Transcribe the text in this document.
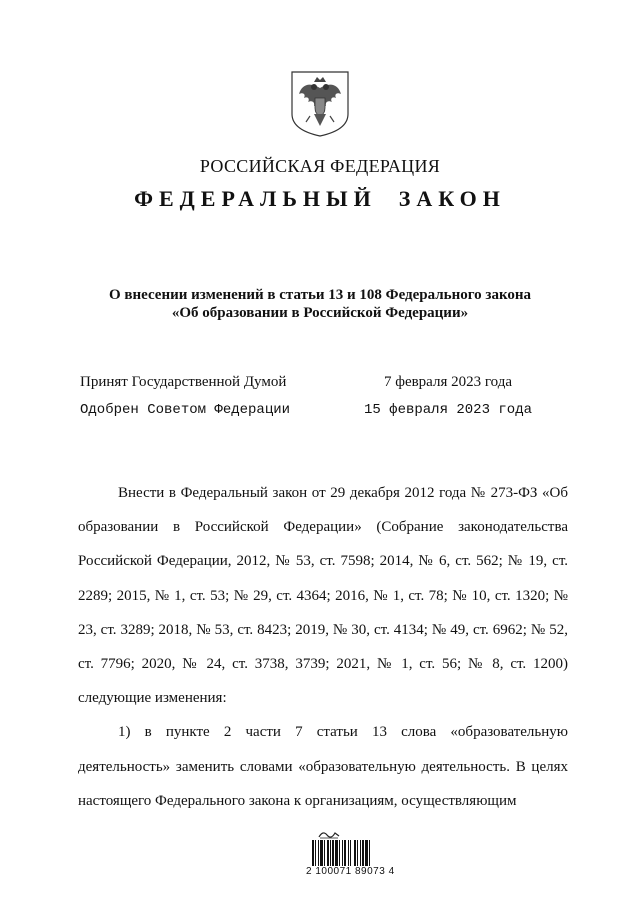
РОССИЙСКАЯ ФЕДЕРАЦИЯ
ФЕДЕРАЛЬНЫЙ ЗАКОН
О внесении изменений в статьи 13 и 108 Федерального закона
«Об образовании в Российской Федерации»
Принят Государственной Думой	7 февраля 2023 года
Одобрен Советом Федерации	15 февраля 2023 года

Внести в Федеральный закон от 29 декабря 2012 года № 273-ФЗ «Об образовании в Российской Федерации» (Собрание законодательства Российской Федерации, 2012, № 53, ст. 7598; 2014, № 6, ст. 562; № 19, ст. 2289; 2015, № 1, ст. 53; № 29, ст. 4364; 2016, № 1, ст. 78; № 10, ст. 1320; № 23, ст. 3289; 2018, № 53, ст. 8423; 2019, № 30, ст. 4134; № 49, ст. 6962; № 52, ст. 7796; 2020, № 24, ст. 3738, 3739; 2021, № 1, ст. 56; № 8, ст. 1200) следующие изменения:

1) в пункте 2 части 7 статьи 13 слова «образовательную деятельность» заменить словами «образовательную деятельность. В целях настоящего Федерального закона к организациям, осуществляющим

2 100071 89073 4
